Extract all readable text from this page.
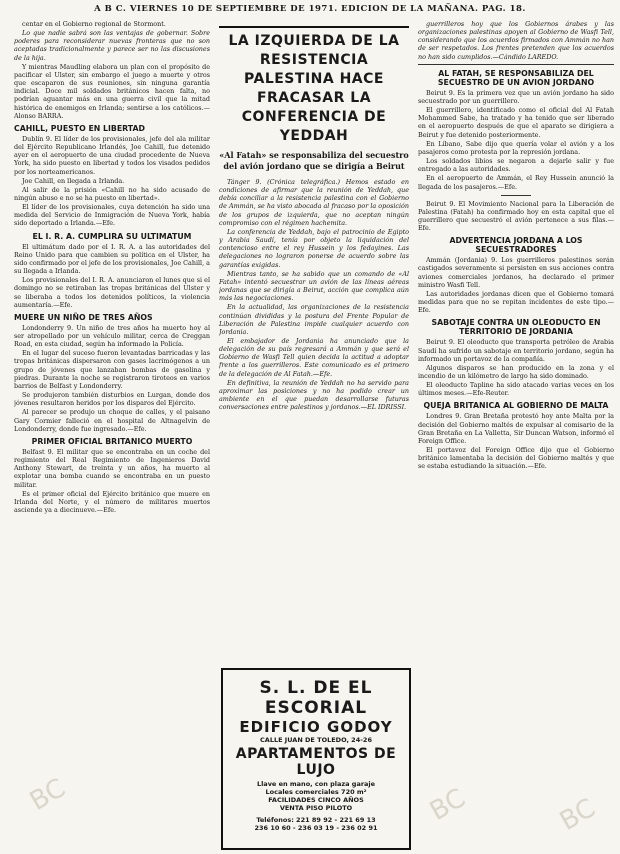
A B C. VIERNES 10 DE SEPTIEMBRE DE 1971. EDICION DE LA MAÑANA. PAG. 18.

centar en el Gobierno regional de Stormont.

Lo que nadie sabrá son las ventajas de gobernar. Sobre poderes para reconsiderar nuevas fronteras que no son aceptadas tradicionalmente y parece ser no las discusiones de la hija.

Y mientras Maudling elabora un plan con el propósito de pacificar el Ulster, sin embargo el juego a muerte y otros que escaparon de sus reuniones, sin ninguna garantía indicial. Doce mil soldados británicos hacen falta, no podrían aguantar más en una guerra civil que la mitad histórica de enemigos en Irlanda; sentirse a los católicos.—Alonso BARRA.

CAHILL, PUESTO EN LIBERTAD

Dublín 9. El líder de los provisionales, jefe del ala militar del Ejército Republicano Irlandés, Joe Cahill, fue detenido ayer en el aeropuerto de una ciudad procedente de Nueva York, ha sido puesto en libertad y todos los visados pedidos por los norteamericanos.

Joe Cahill, en llegada a Irlanda.

Al salir de la prisión «Cahill no ha sido acusado de ningún abuso e no se ha puesto en libertad».

El líder de los provisionales, cuya detención ha sido una medida del Servicio de Inmigración de Nueva York, había sido deportado a Irlanda.—Efe.

EL I. R. A. CUMPLIRA SU ULTIMATUM

El ultimátum dado por el I. R. A. a las autoridades del Reino Unido para que cambien su política en el Ulster, ha sido confirmado por el jefe de los provisionales, Joe Cahill, a su llegada a Irlanda.

Los provisionales del I. R. A. anunciaron el lunes que si el domingo no se retiraban las tropas británicas del Ulster y se liberaba a todos los detenidos políticos, la violencia aumentaría.—Efe.

MUERE UN NIÑO DE TRES AÑOS

Londonderry 9. Un niño de tres años ha muerto hoy al ser atropellado por un vehículo militar, cerca de Creggan Road, en esta ciudad, según ha informado la Policía.

En el lugar del suceso fueron levantadas barricadas y las tropas británicas dispersaron con gases lacrimógenos a un grupo de jóvenes que lanzaban bombas de gasolina y piedras. Durante la noche se registraron tiroteos en varios barrios de Belfast y Londonderry.

Se produjeron también disturbios en Lurgan, donde dos jóvenes resultaron heridos por los disparos del Ejército.

Al parecer se produjo un choque de calles, y el paisano Gary Cormier falleció en el hospital de Altnagelvin de Londonderry, donde fue ingresado.—Efe.

PRIMER OFICIAL BRITANICO MUERTO

Belfast 9. El militar que se encontraba en un coche del regimiento del Real Regimiento de Ingenieros David Anthony Stewart, de treinta y un años, ha muerto al explotar una bomba cuando se encontraba en un puesto militar.

Es el primer oficial del Ejército británico que muere en Irlanda del Norte, y el número de militares muertos asciende ya a diecinueve.—Efe.

LA IZQUIERDA DE LA RESISTENCIA PALESTINA HACE FRACASAR LA CONFERENCIA DE YEDDAH
«Al Fatah» se responsabiliza del secuestro del avión jordano que se dirigía a Beirut

Tánger 9. (Crónica telegráfica.) Hemos estado en condiciones de afirmar que la reunión de Yeddah, que debía conciliar a la resistencia palestina con el Gobierno de Ammán, se ha visto abocada al fracaso por la oposición de los grupos de izquierda, que no aceptan ningún compromiso con el régimen hachemita.

La conferencia de Yeddah, bajo el patrocinio de Egipto y Arabia Saudí, tenía por objeto la liquidación del contencioso entre el rey Hussein y los fedayines. Las delegaciones no lograron ponerse de acuerdo sobre las garantías exigidas.

Mientras tanto, se ha sabido que un comando de «Al Fatah» intentó secuestrar un avión de las líneas aéreas jordanas que se dirigía a Beirut, acción que complica aún más las negociaciones.

En la actualidad, las organizaciones de la resistencia continúan divididas y la postura del Frente Popular de Liberación de Palestina impide cualquier acuerdo con Jordania.

El embajador de Jordania ha anunciado que la delegación de su país regresará a Ammán y que será el Gobierno de Wasfi Tell quien decida la actitud a adoptar frente a los guerrilleros. Este comunicado es el primero de la delegación de Al Fatah.—Efe.

En definitiva, la reunión de Yeddah no ha servido para aproximar las posiciones y no ha podido crear un ambiente en el que puedan desarrollarse futuras conversaciones entre palestinos y jordanos.—EL IDRISSI.

S. L. DE EL ESCORIAL
EDIFICIO GODOY
CALLE JUAN DE TOLEDO, 24-26
APARTAMENTOS DE LUJO
Llave en mano, con plaza garaje
Locales comerciales 720 m²
FACILIDADES CINCO AÑOS
VENTA PISO PILOTO
Teléfonos: 221 89 92 - 221 69 13
236 10 60 - 236 03 19 - 236 02 91

guerrilleros hoy que los Gobiernos árabes y las organizaciones palestinas apoyen al Gobierno de Wasfi Tell, considerando que los acuerdos firmados con Ammán no han de ser respetados. Los frentes pretenden que los acuerdos no han sido cumplidos.—Cándido LAREDO.

AL FATAH, SE RESPONSABILIZA DEL SECUESTRO DE UN AVION JORDANO

Beirut 9. Es la primera vez que un avión jordano ha sido secuestrado por un guerrillero.

El guerrillero, identificado como el oficial del Al Fatah Mohammed Sabe, ha tratado y ha tenido que ser liberado en el aeropuerto después de que el aparato se dirigiera a Beirut y fue detenido posteriormente.

En Líbano, Sabe dijo que quería volar el avión y a los pasajeros como protesta por la represión jordana.

Los soldados libios se negaron a dejarle salir y fue entregado a las autoridades.

En el aeropuerto de Ammán, el Rey Hussein anunció la llegada de los pasajeros.—Efe.

Beirut 9. El Movimiento Nacional para la Liberación de Palestina (Fatah) ha confirmado hoy en esta capital que el guerrillero que secuestró el avión pertenece a sus filas.—Efe.

ADVERTENCIA JORDANA A LOS SECUESTRADORES

Ammán (Jordania) 9. Los guerrilleros palestinos serán castigados severamente si persisten en sus acciones contra aviones comerciales jordanos, ha declarado el primer ministro Wasfi Tell.

Las autoridades jordanas dicen que el Gobierno tomará medidas para que no se repitan incidentes de este tipo.—Efe.

SABOTAJE CONTRA UN OLEODUCTO EN TERRITORIO DE JORDANIA

Beirut 9. El oleoducto que transporta petróleo de Arabia Saudí ha sufrido un sabotaje en territorio jordano, según ha informado un portavoz de la compañía.

Algunos disparos se han producido en la zona y el incendio de un kilómetro de largo ha sido dominado.

El oleoducto Tapline ha sido atacado varias veces en los últimos meses.—Efe-Reuter.

QUEJA BRITANICA AL GOBIERNO DE MALTA

Londres 9. Gran Bretaña protestó hoy ante Malta por la decisión del Gobierno maltés de expulsar al comisario de la Gran Bretaña en La Valletta, Sir Duncan Watson, informó el Foreign Office.

El portavoz del Foreign Office dijo que el Gobierno británico lamentaba la decisión del Gobierno maltés y que se estaba estudiando la situación.—Efe.

BC	BC	BC
